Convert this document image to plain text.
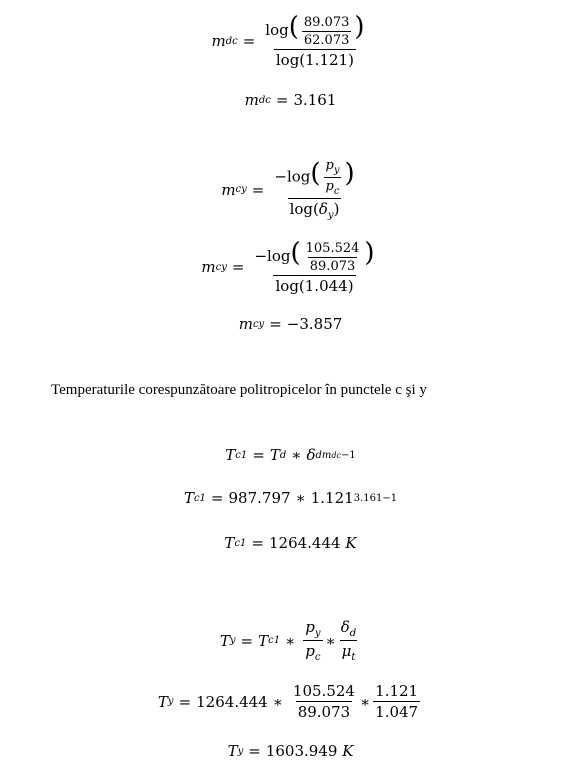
m dc = $\frac{\log( \frac{89.073}{62.073} )}{\log(1.121)}$
m dc = 3.161
m cy = $\frac{-\log( \frac{p_y}{p_c} )}{\log(\delta_y)}$
m cy = $\frac{-\log( \frac{105.524}{89.073} )}{\log(1.044)}$
m cy = −3.857
Temperaturile corespunzătoare politropicelor în punctele c şi y
T c1 = T d ∗ δ d mdc−1
T c1 = 987.797 ∗ 1.121 3.161−1
T c1 = 1264.444
K
T y = T c1 ∗ $\frac{p_y}{p_c}$ ∗ $\frac{\delta_d}{\mu_t}$
T y = 1264.444 ∗ $\frac{105.524}{89.073}$ ∗ $\frac{1.121}{1.047}$
T y = 1603.949
K
